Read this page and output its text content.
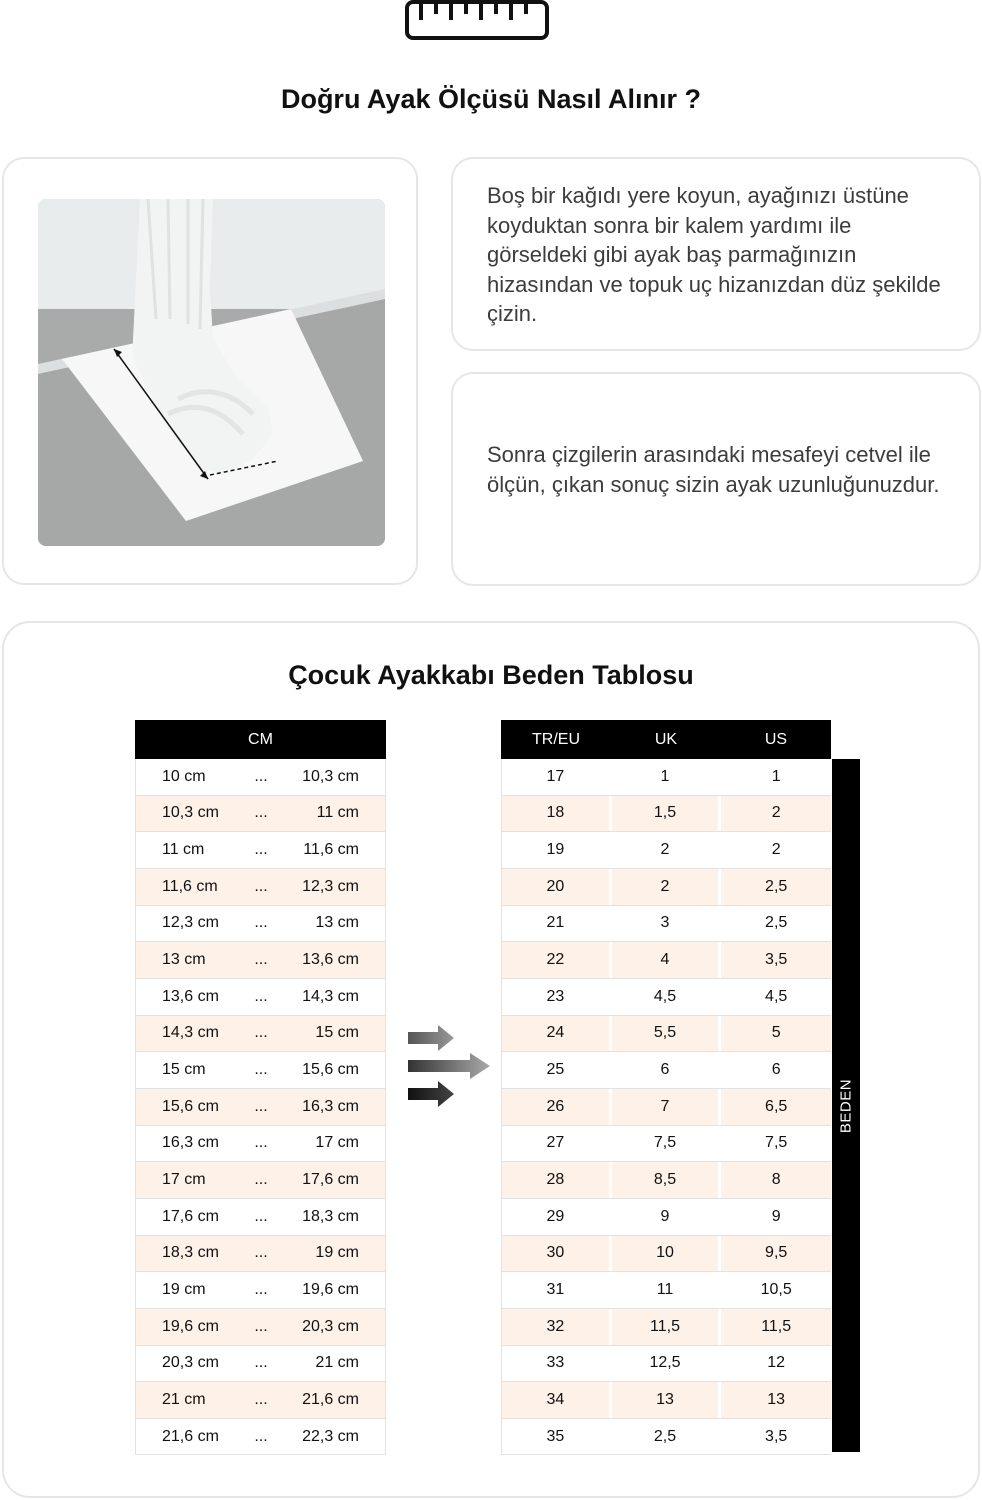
Doğru Ayak Ölçüsü Nasıl Alınır ?

Boş bir kağıdı yere koyun, ayağınızı üstüne koyduktan sonra bir kalem yardımı ile görseldeki gibi ayak baş parmağınızın hizasından ve topuk uç hizanızdan düz şekilde çizin.

Sonra çizgilerin arasındaki mesafeyi cetvel ile ölçün, çıkan sonuç sizin ayak uzunluğunuzdur.

Çocuk Ayakkabı Beden Tablosu
CM
10 cm	...	10,3 cm
10,3 cm	...	11 cm
11 cm	...	11,6 cm
11,6 cm	...	12,3 cm
12,3 cm	...	13 cm
13 cm	...	13,6 cm
13,6 cm	...	14,3 cm
14,3 cm	...	15 cm
15 cm	...	15,6 cm
15,6 cm	...	16,3 cm
16,3 cm	...	17 cm
17 cm	...	17,6 cm
17,6 cm	...	18,3 cm
18,3 cm	...	19 cm
19 cm	...	19,6 cm
19,6 cm	...	20,3 cm
20,3 cm	...	21 cm
21 cm	...	21,6 cm
21,6 cm	...	22,3 cm
TR/EU	UK	US
17	1	1
18	1,5	2
19	2	2
20	2	2,5
21	3	2,5
22	4	3,5
23	4,5	4,5
24	5,5	5
25	6	6
26	7	6,5
27	7,5	7,5
28	8,5	8
29	9	9
30	10	9,5
31	11	10,5
32	11,5	11,5
33	12,5	12
34	13	13
35	2,5	3,5
BEDEN
